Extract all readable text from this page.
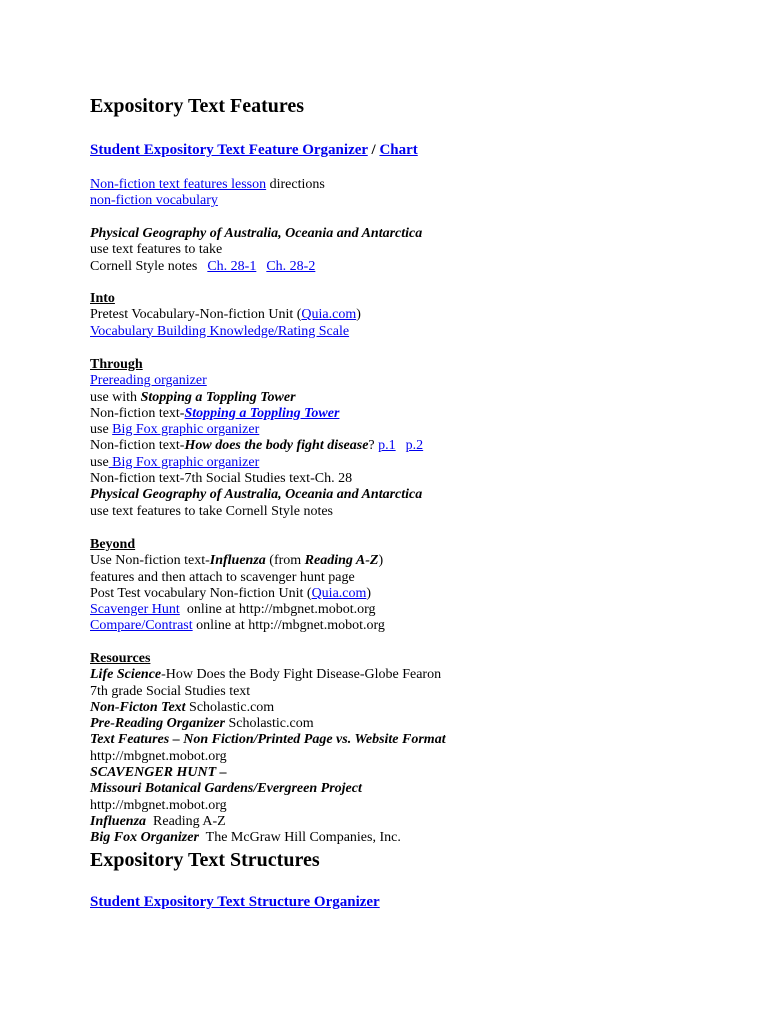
Expository Text Features
Student Expository Text Feature Organizer / Chart
Non-fiction text features lesson directions
non-fiction vocabulary
Physical Geography of Australia, Oceania and Antarctica
use text features to take
Cornell Style notes Ch. 28-1 Ch. 28-2
Into
Pretest Vocabulary-Non-fiction Unit (Quia.com)
Vocabulary Building Knowledge/Rating Scale
Through
Prereading organizer
use with Stopping a Toppling Tower
Non-fiction text-Stopping a Toppling Tower
use Big Fox graphic organizer
Non-fiction text-How does the body fight disease? p.1 p.2
use Big Fox graphic organizer
Non-fiction text-7th Social Studies text-Ch. 28
Physical Geography of Australia, Oceania and Antarctica
use text features to take Cornell Style notes
Beyond
Use Non-fiction text-Influenza (from Reading A-Z)
features and then attach to scavenger hunt page
Post Test vocabulary Non-fiction Unit (Quia.com)
Scavenger Hunt  online at http://mbgnet.mobot.org
Compare/Contrast online at http://mbgnet.mobot.org
Resources
Life Science-How Does the Body Fight Disease-Globe Fearon
7th grade Social Studies text
Non-Ficton Text Scholastic.com
Pre-Reading Organizer Scholastic.com
Text Features – Non Fiction/Printed Page vs. Website Format
http://mbgnet.mobot.org
SCAVENGER HUNT –
Missouri Botanical Gardens/Evergreen Project
http://mbgnet.mobot.org
Influenza  Reading A-Z
Big Fox Organizer  The McGraw Hill Companies, Inc.
Expository Text Structures
Student Expository Text Structure Organizer
